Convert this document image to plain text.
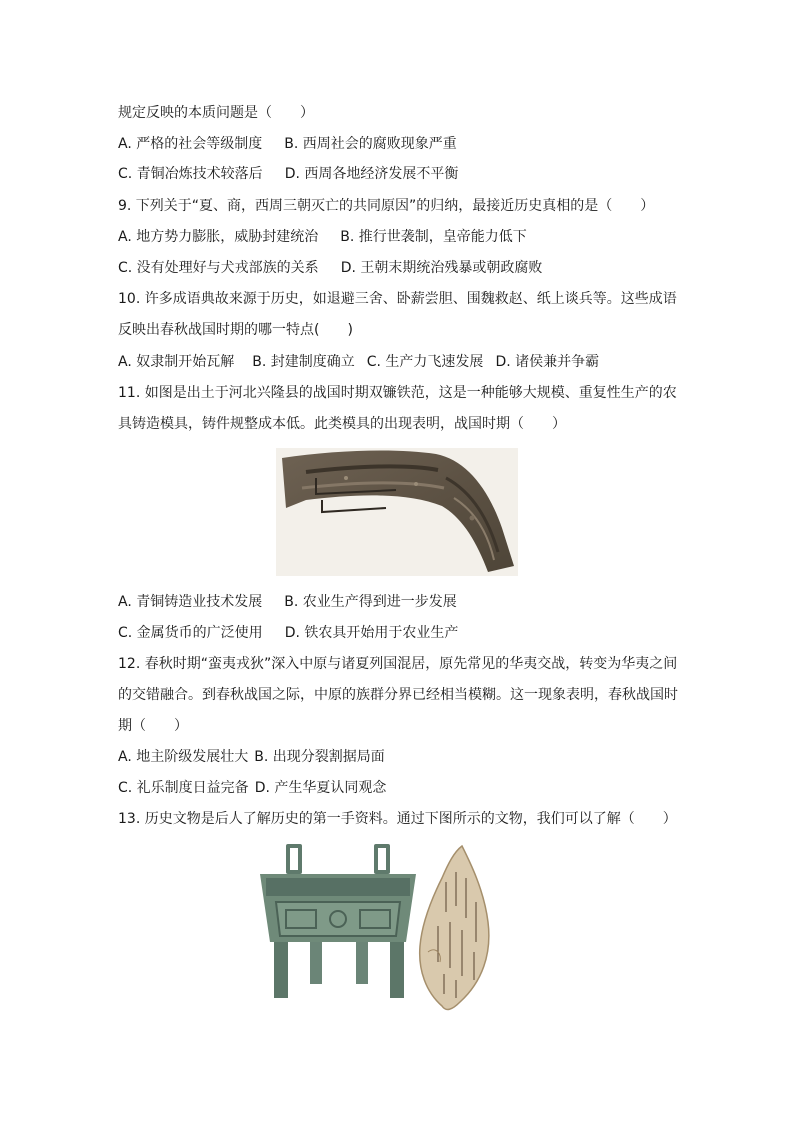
规定反映的本质问题是（　　）
A. 严格的社会等级制度 B. 西周社会的腐败现象严重
C. 青铜冶炼技术较落后 D. 西周各地经济发展不平衡
9. 下列关于“夏、商，西周三朝灭亡的共同原因”的归纳，最接近历史真相的是（　　）
A. 地方势力膨胀，威胁封建统治 B. 推行世袭制，皇帝能力低下
C. 没有处理好与犬戎部族的关系 D. 王朝末期统治残暴或朝政腐败
10. 许多成语典故来源于历史，如退避三舍、卧薪尝胆、围魏救赵、纸上谈兵等。这些成语
反映出春秋战国时期的哪一特点(　　)
A. 奴隶制开始瓦解 B. 封建制度确立 C. 生产力飞速发展 D. 诸侯兼并争霸
11. 如图是出土于河北兴隆县的战国时期双镰铁范，这是一种能够大规模、重复性生产的农
具铸造模具，铸件规整成本低。此类模具的出现表明，战国时期（　　）
A. 青铜铸造业技术发展 B. 农业生产得到进一步发展
C. 金属货币的广泛使用 D. 铁农具开始用于农业生产
12. 春秋时期“蛮夷戎狄”深入中原与诸夏列国混居，原先常见的华夷交战，转变为华夷之间
的交错融合。到春秋战国之际，中原的族群分界已经相当模糊。这一现象表明，春秋战国时
期（　　）
A. 地主阶级发展壮大 B. 出现分裂割据局面
C. 礼乐制度日益完备 D. 产生华夏认同观念
13. 历史文物是后人了解历史的第一手资料。通过下图所示的文物，我们可以了解（　　）
